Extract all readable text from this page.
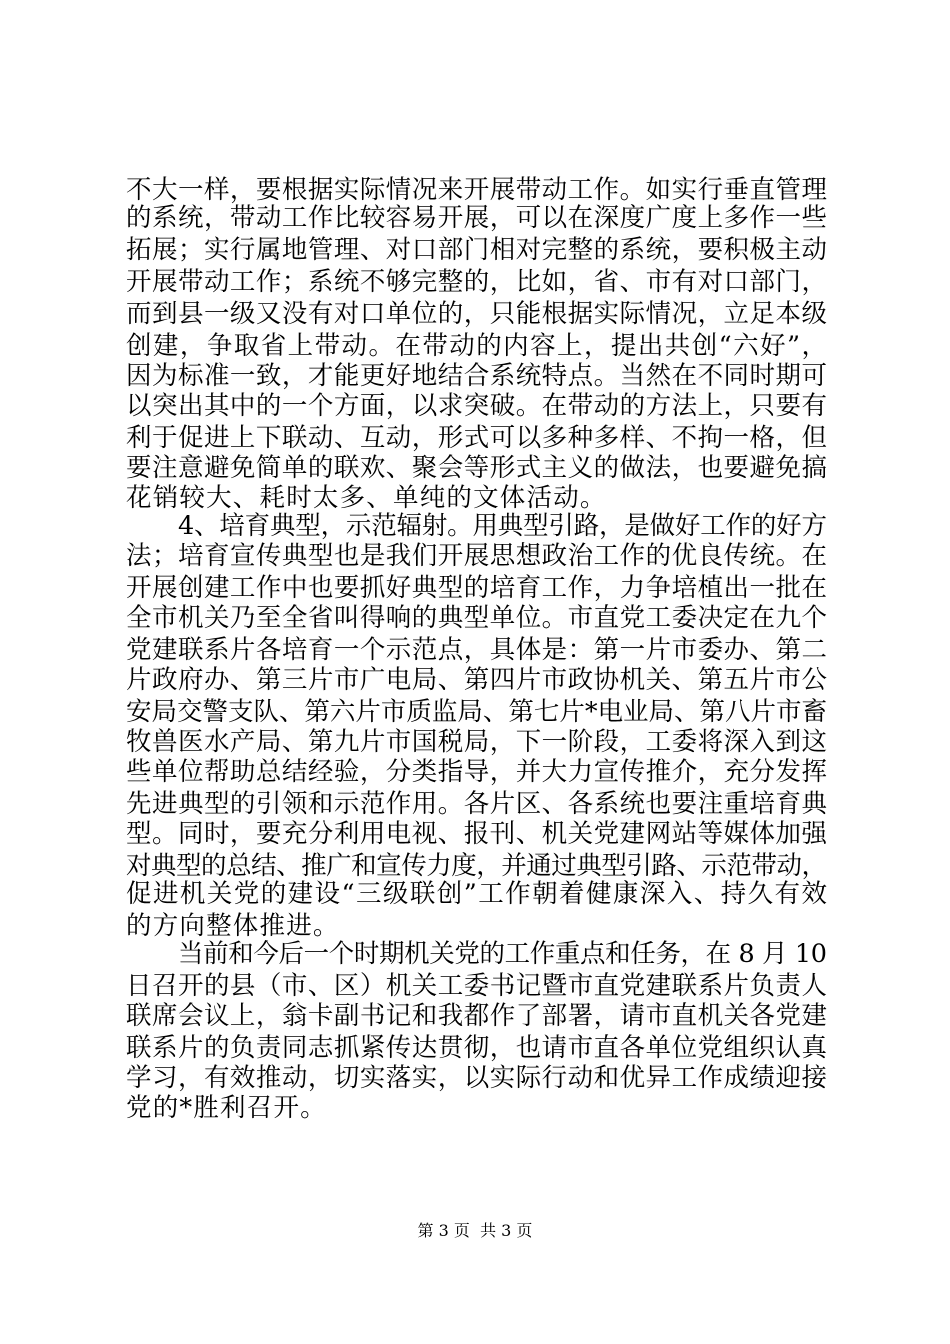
不大一样，要根据实际情况来开展带动工作。如实行垂直管理

的系统，带动工作比较容易开展，可以在深度广度上多作一些

拓展；实行属地管理、对口部门相对完整的系统，要积极主动

开展带动工作；系统不够完整的，比如，省、市有对口部门，

而到县一级又没有对口单位的，只能根据实际情况，立足本级

创建，争取省上带动。在带动的内容上，提出共创“六好”，

因为标准一致，才能更好地结合系统特点。当然在不同时期可

以突出其中的一个方面，以求突破。在带动的方法上，只要有

利于促进上下联动、互动，形式可以多种多样、不拘一格，但

要注意避免简单的联欢、聚会等形式主义的做法，也要避免搞

花销较大、耗时太多、单纯的文体活动。

4、培育典型，示范辐射。用典型引路，是做好工作的好方

法；培育宣传典型也是我们开展思想政治工作的优良传统。在

开展创建工作中也要抓好典型的培育工作，力争培植出一批在

全市机关乃至全省叫得响的典型单位。市直党工委决定在九个

党建联系片各培育一个示范点，具体是：第一片市委办、第二

片政府办、第三片市广电局、第四片市政协机关、第五片市公

安局交警支队、第六片市质监局、第七片*电业局、第八片市畜

牧兽医水产局、第九片市国税局，下一阶段，工委将深入到这

些单位帮助总结经验，分类指导，并大力宣传推介，充分发挥

先进典型的引领和示范作用。各片区、各系统也要注重培育典

型。同时，要充分利用电视、报刊、机关党建网站等媒体加强

对典型的总结、推广和宣传力度，并通过典型引路、示范带动，

促进机关党的建设“三级联创”工作朝着健康深入、持久有效

的方向整体推进。

当前和今后一个时期机关党的工作重点和任务，在 8 月 10

日召开的县（市、区）机关工委书记暨市直党建联系片负责人

联席会议上，翁卡副书记和我都作了部署，请市直机关各党建

联系片的负责同志抓紧传达贯彻，也请市直各单位党组织认真

学习，有效推动，切实落实，以实际行动和优异工作成绩迎接

党的*胜利召开。

第 3 页  共 3 页
